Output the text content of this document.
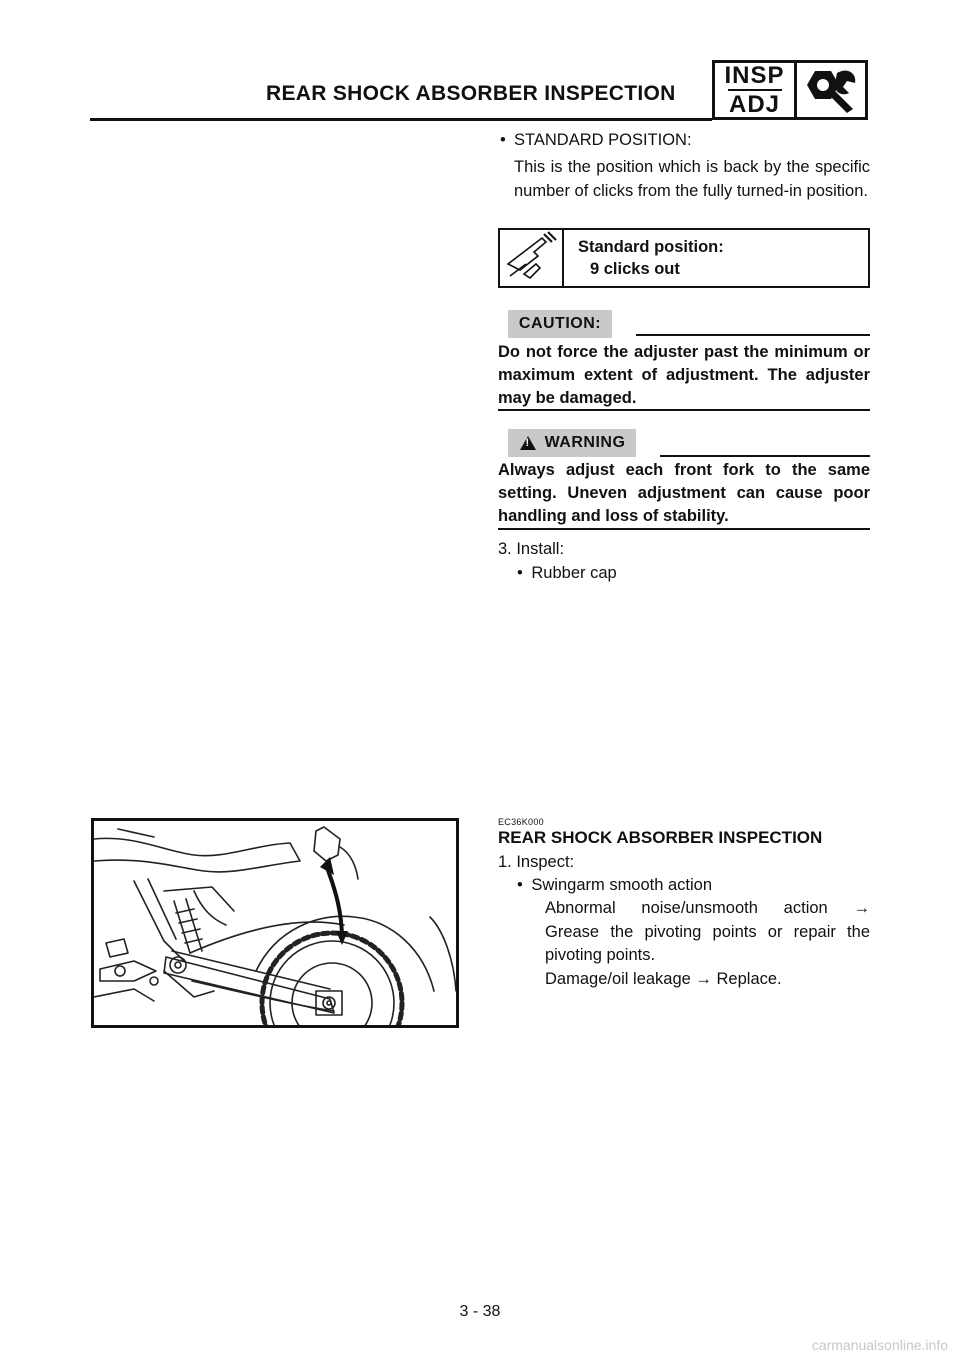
REAR SHOCK ABSORBER INSPECTION
INSP
ADJ
• STANDARD POSITION:
This is the position which is back by the specific number of clicks from the fully turned-in position.
Standard position:
9 clicks out
CAUTION:
Do not force the adjuster past the minimum or maximum extent of adjustment. The adjuster may be damaged.
! WARNING
Always adjust each front fork to the same setting. Uneven adjustment can cause poor handling and loss of stability.
3. Install:
• Rubber cap
EC36K000
REAR SHOCK ABSORBER INSPECTION
1. Inspect:
• Swingarm smooth action
Abnormal noise/unsmooth action →
Grease the pivoting points or repair the pivoting points.
Damage/oil leakage → Replace.
3 - 38
carmanualsonline.info
